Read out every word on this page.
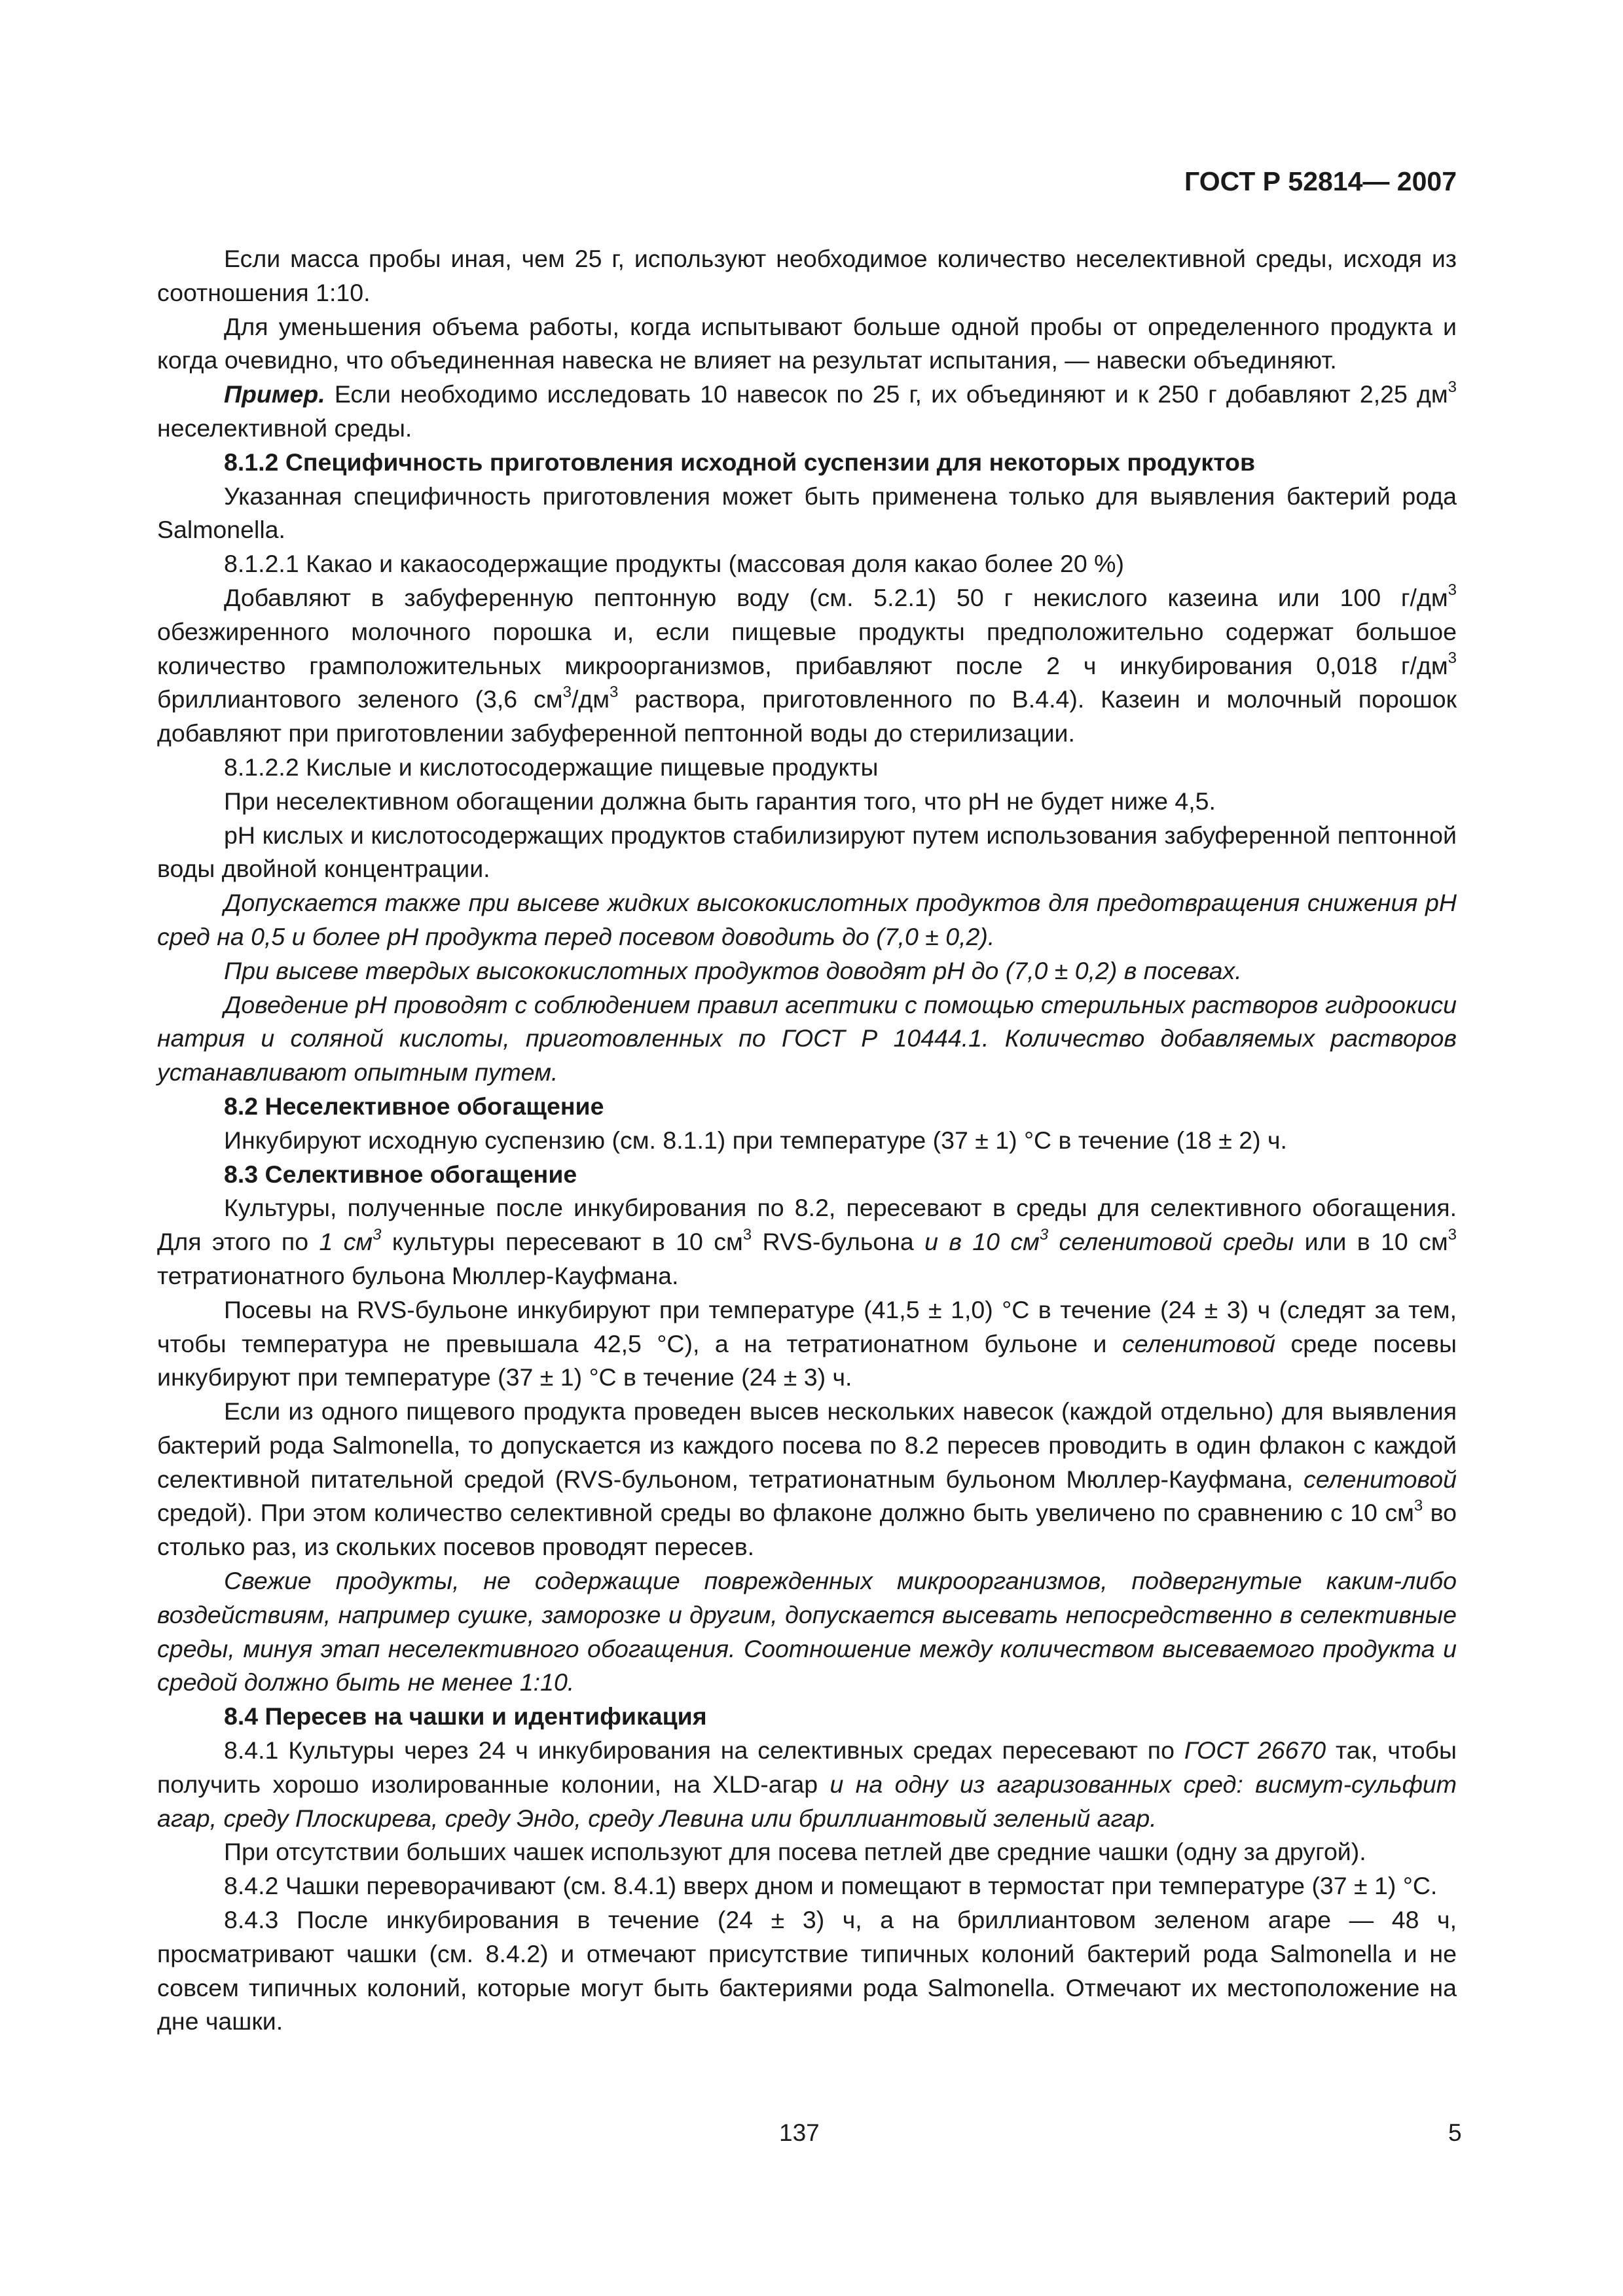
ГОСТ Р 52814— 2007

Если масса пробы иная, чем 25 г, используют необходимое количество неселективной среды, исходя из соотношения 1:10.

Для уменьшения объема работы, когда испытывают больше одной пробы от определенного продукта и когда очевидно, что объединенная навеска не влияет на результат испытания, — навески объединяют.

Пример. Если необходимо исследовать 10 навесок по 25 г, их объединяют и к 250 г добавляют 2,25 $дм^3$ неселективной среды.

8.1.2 Специфичность приготовления исходной суспензии для некоторых продуктов

Указанная специфичность приготовления может быть применена только для выявления бактерий рода Salmonella.

8.1.2.1 Какао и какаосодержащие продукты (массовая доля какао более 20 %)

Добавляют в забуференную пептонную воду (см. 5.2.1) 50 г некислого казеина или 100 $г/дм^3$ обезжиренного молочного порошка и, если пищевые продукты предположительно содержат большое количество грамположительных микроорганизмов, прибавляют после 2 ч инкубирования 0,018 $г/дм^3$ бриллиантового зеленого (3,6 $см^3/дм^3$ раствора, приготовленного по В.4.4). Казеин и молочный порошок добавляют при приготовлении забуференной пептонной воды до стерилизации.

8.1.2.2 Кислые и кислотосодержащие пищевые продукты

При неселективном обогащении должна быть гарантия того, что pH не будет ниже 4,5.

pH кислых и кислотосодержащих продуктов стабилизируют путем использования забуференной пептонной воды двойной концентрации.

Допускается также при высеве жидких высококислотных продуктов для предотвращения снижения pH сред на 0,5 и более pH продукта перед посевом доводить до (7,0 ± 0,2).

При высеве твердых высококислотных продуктов доводят pH до (7,0 ± 0,2) в посевах.

Доведение pH проводят с соблюдением правил асептики с помощью стерильных растворов гидроокиси натрия и соляной кислоты, приготовленных по ГОСТ Р 10444.1. Количество добавляемых растворов устанавливают опытным путем.

8.2 Неселективное обогащение

Инкубируют исходную суспензию (см. 8.1.1) при температуре (37 ± 1) °С в течение (18 ± 2) ч.

8.3 Селективное обогащение

Культуры, полученные после инкубирования по 8.2, пересевают в среды для селективного обогащения. Для этого по 1 $см^3$ культуры пересевают в 10 $см^3$ RVS-бульона и в 10 $см^3$ селенитовой среды или в 10 $см^3$ тетратионатного бульона Мюллер-Кауфмана.

Посевы на RVS-бульоне инкубируют при температуре (41,5 ± 1,0) °С в течение (24 ± 3) ч (следят за тем, чтобы температура не превышала 42,5 °С), а на тетратионатном бульоне и селенитовой среде посевы инкубируют при температуре (37 ± 1) °С в течение (24 ± 3) ч.

Если из одного пищевого продукта проведен высев нескольких навесок (каждой отдельно) для выявления бактерий рода Salmonella, то допускается из каждого посева по 8.2 пересев проводить в один флакон с каждой селективной питательной средой (RVS-бульоном, тетратионатным бульоном Мюллер-Кауфмана, селенитовой средой). При этом количество селективной среды во флаконе должно быть увеличено по сравнению с 10 $см^3$ во столько раз, из скольких посевов проводят пересев.

Свежие продукты, не содержащие поврежденных микроорганизмов, подвергнутые каким-либо воздействиям, например сушке, заморозке и другим, допускается высевать непосредственно в селективные среды, минуя этап неселективного обогащения. Соотношение между количеством высеваемого продукта и средой должно быть не менее 1:10.

8.4 Пересев на чашки и идентификация

8.4.1 Культуры через 24 ч инкубирования на селективных средах пересевают по ГОСТ 26670 так, чтобы получить хорошо изолированные колонии, на XLD-агар и на одну из агаризованных сред: висмут-сульфит агар, среду Плоскирева, среду Эндо, среду Левина или бриллиантовый зеленый агар.

При отсутствии больших чашек используют для посева петлей две средние чашки (одну за другой).

8.4.2 Чашки переворачивают (см. 8.4.1) вверх дном и помещают в термостат при температуре (37 ± 1) °С.

8.4.3 После инкубирования в течение (24 ± 3) ч, а на бриллиантовом зеленом агаре — 48 ч, просматривают чашки (см. 8.4.2) и отмечают присутствие типичных колоний бактерий рода Salmonella и не совсем типичных колоний, которые могут быть бактериями рода Salmonella. Отмечают их местоположение на дне чашки.

137	5
